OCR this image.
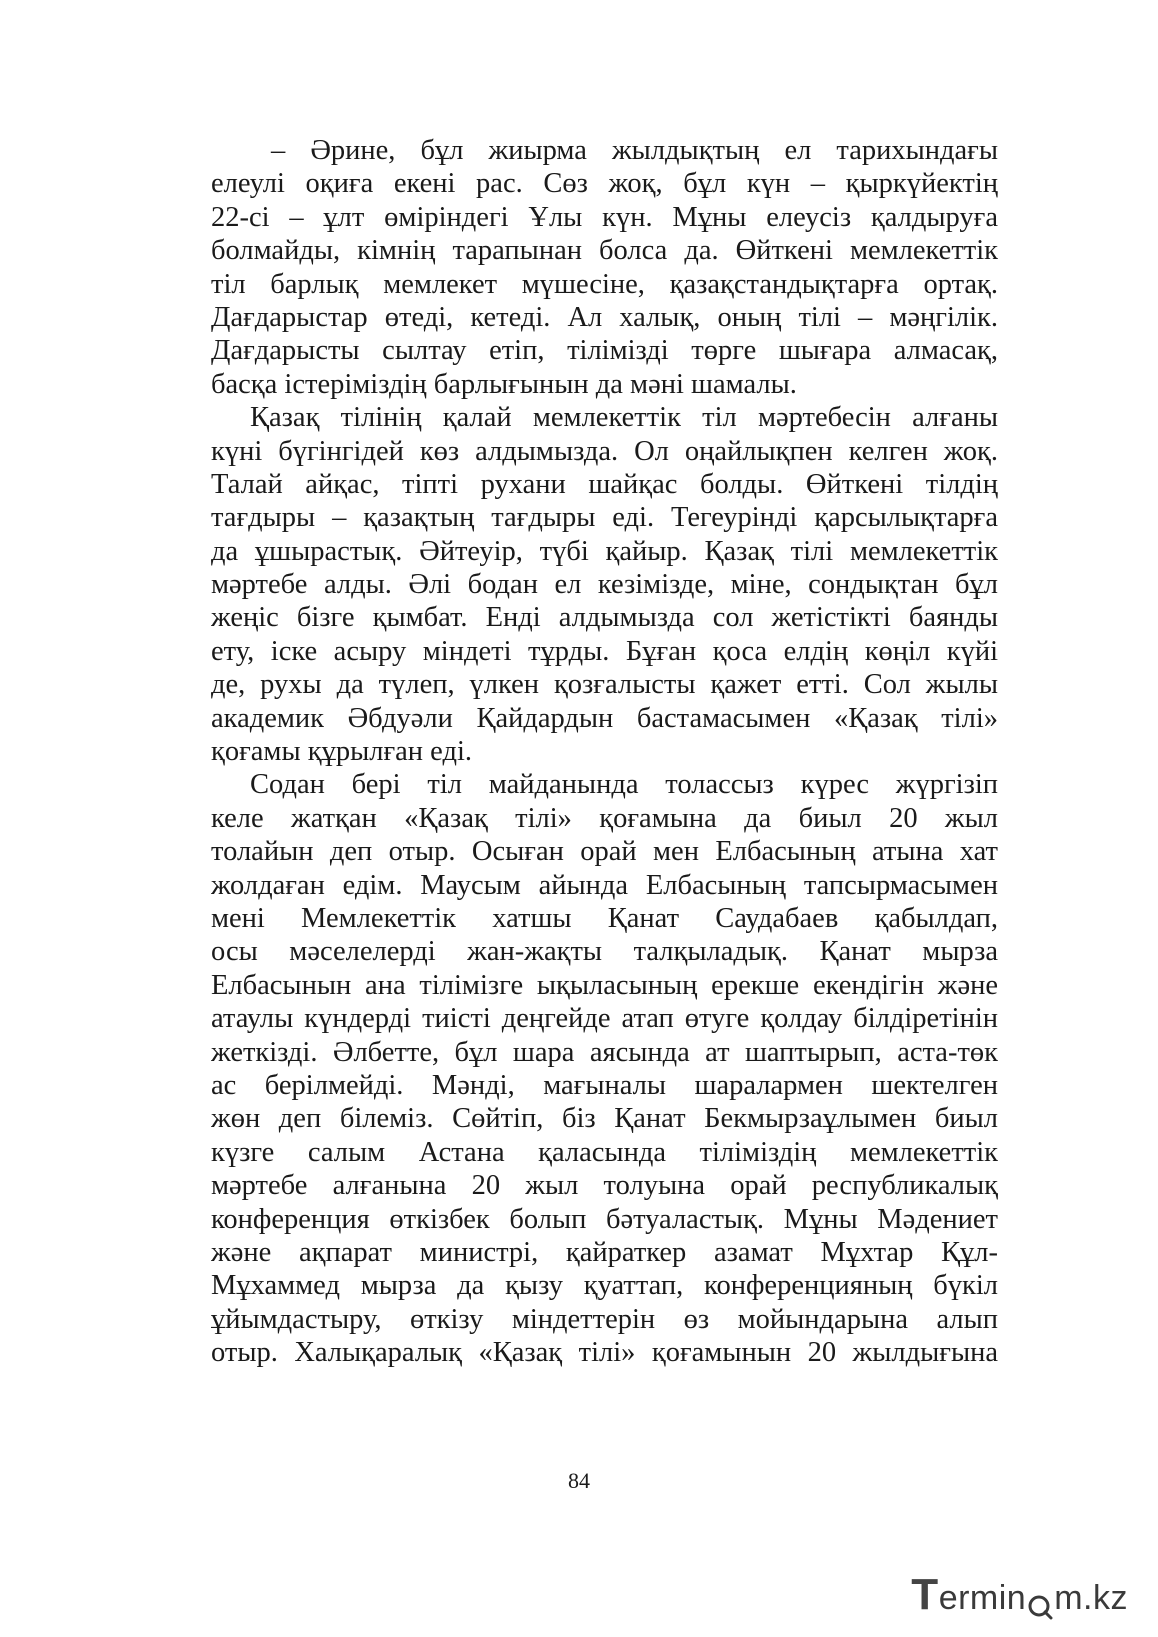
– Әрине, бұл жиырма жылдықтың ел тарихындағы
елеулі оқиға екені рас. Сөз жоқ, бұл күн – қыркүйектің
22-сі – ұлт өміріндегі Ұлы күн. Мұны елеусіз қалдыруға
болмайды, кімнің тарапынан болса да. Өйткені мемлекеттік
тіл барлық мемлекет мүшесіне, қазақстандықтарға ортақ.
Дағдарыстар өтеді, кетеді. Ал халық, оның тілі – мәңгілік.
Дағдарысты сылтау етіп, тілімізді төрге шығара алмасақ,
басқа істеріміздің барлығынын да мәні шамалы.
Қазақ тілінің қалай мемлекеттік тіл мәртебесін алғаны
күні бүгінгідей көз алдымызда. Ол оңайлықпен келген жоқ.
Талай айқас, тіпті рухани шайқас болды. Өйткені тілдің
тағдыры – қазақтың тағдыры еді. Тегеурінді қарсылықтарға
да ұшырастық. Әйтеуір, түбі қайыр. Қазақ тілі мемлекеттік
мәртебе алды. Әлі бодан ел кезімізде, міне, сондықтан бұл
жеңіс бізге қымбат. Енді алдымызда сол жетістікті баянды
ету, іске асыру міндеті тұрды. Бұған қоса елдің көңіл күйі
де, рухы да түлеп, үлкен қозғалысты қажет етті. Сол жылы
академик Әбдуәли Қайдардын бастамасымен «Қазақ тілі»
қоғамы құрылған еді.
Содан бері тіл майданында толассыз күрес жүргізіп
келе жатқан «Қазақ тілі» қоғамына да биыл 20 жыл
толайын деп отыр. Осыған орай мен Елбасының атына хат
жолдаған едім. Маусым айында Елбасының тапсырмасымен
мені Мемлекеттік хатшы Қанат Саудабаев қабылдап,
осы мәселелерді жан-жақты талқыладық. Қанат мырза
Елбасынын ана тілімізге ықыласының ерекше екендігін және
атаулы күндерді тиісті деңгейде атап өтуге қолдау білдіретінін
жеткізді. Әлбетте, бұл шара аясында ат шаптырып, аста-төк
ас берілмейді. Мәнді, мағыналы шаралармен шектелген
жөн деп білеміз. Сөйтіп, біз Қанат Бекмырзаұлымен биыл
күзге салым Астана қаласында тіліміздің мемлекеттік
мәртебе алғанына 20 жыл толуына орай республикалық
конференция өткізбек болып бәтуаластық. Мұны Мәдениет
және ақпарат министрі, қайраткер азамат Мұхтар Құл-
Мұхаммед мырза да қызу қуаттап, конференцияның бүкіл
ұйымдастыру, өткізу міндеттерін өз мойындарына алып
отыр. Халықаралық «Қазақ тілі» қоғамынын 20 жылдығына
84
T ermin m.kz
